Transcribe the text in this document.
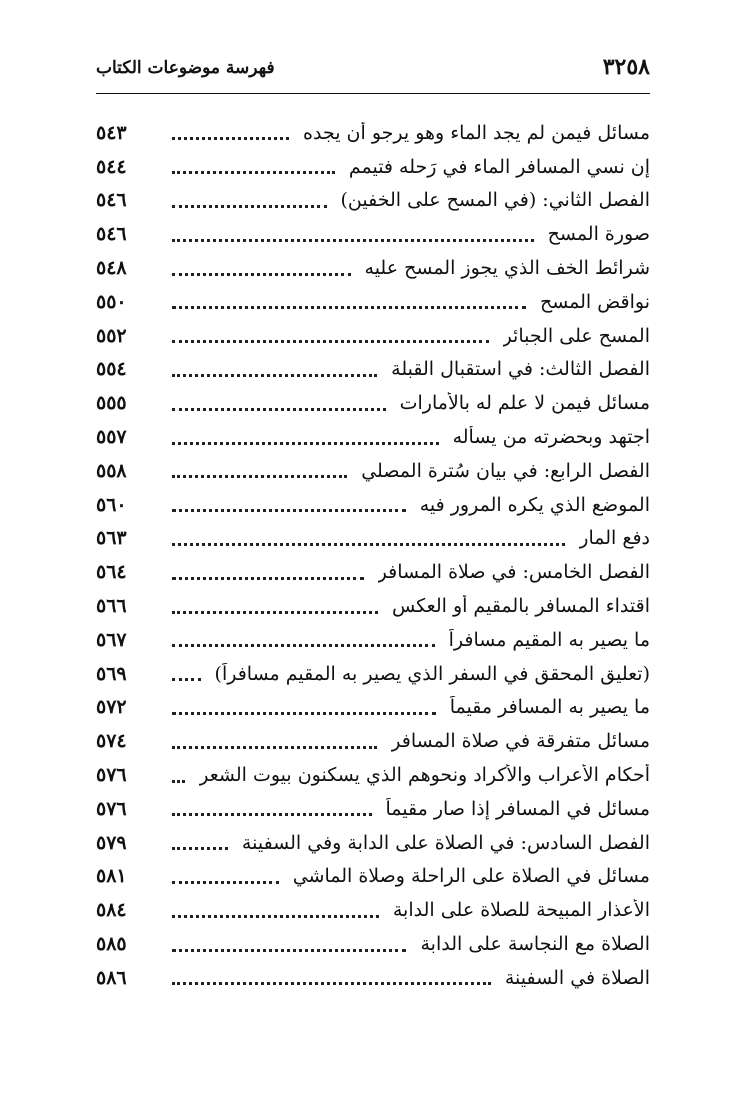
٣٢٥٨
فهرسة موضوعات الكتاب
مسائل فيمن لم يجد الماء وهو يرجو أن يجده
٥٤٣
إن نسي المسافر الماء في رَحله فتيمم
٥٤٤
الفصل الثاني: (في المسح على الخفين)
٥٤٦
صورة المسح
٥٤٦
شرائط الخف الذي يجوز المسح عليه
٥٤٨
نواقض المسح
٥٥٠
المسح على الجبائر
٥٥٢
الفصل الثالث: في استقبال القبلة
٥٥٤
مسائل فيمن لا علم له بالأمارات
٥٥٥
اجتهد وبحضرته من يسأله
٥٥٧
الفصل الرابع: في بيان سُترة المصلي
٥٥٨
الموضع الذي يكره المرور فيه
٥٦٠
دفع المار
٥٦٣
الفصل الخامس: في صلاة المسافر
٥٦٤
اقتداء المسافر بالمقيم أو العكس
٥٦٦
ما يصير به المقيم مسافراً
٥٦٧
(تعليق المحقق في السفر الذي يصير به المقيم مسافراً)
٥٦٩
ما يصير به المسافر مقيماً
٥٧٢
مسائل متفرقة في صلاة المسافر
٥٧٤
أحكام الأعراب والأكراد ونحوهم الذي يسكنون بيوت الشعر
٥٧٦
مسائل في المسافر إذا صار مقيماً
٥٧٦
الفصل السادس: في الصلاة على الدابة وفي السفينة
٥٧٩
مسائل في الصلاة على الراحلة وصلاة الماشي
٥٨١
الأعذار المبيحة للصلاة على الدابة
٥٨٤
الصلاة مع النجاسة على الدابة
٥٨٥
الصلاة في السفينة
٥٨٦
